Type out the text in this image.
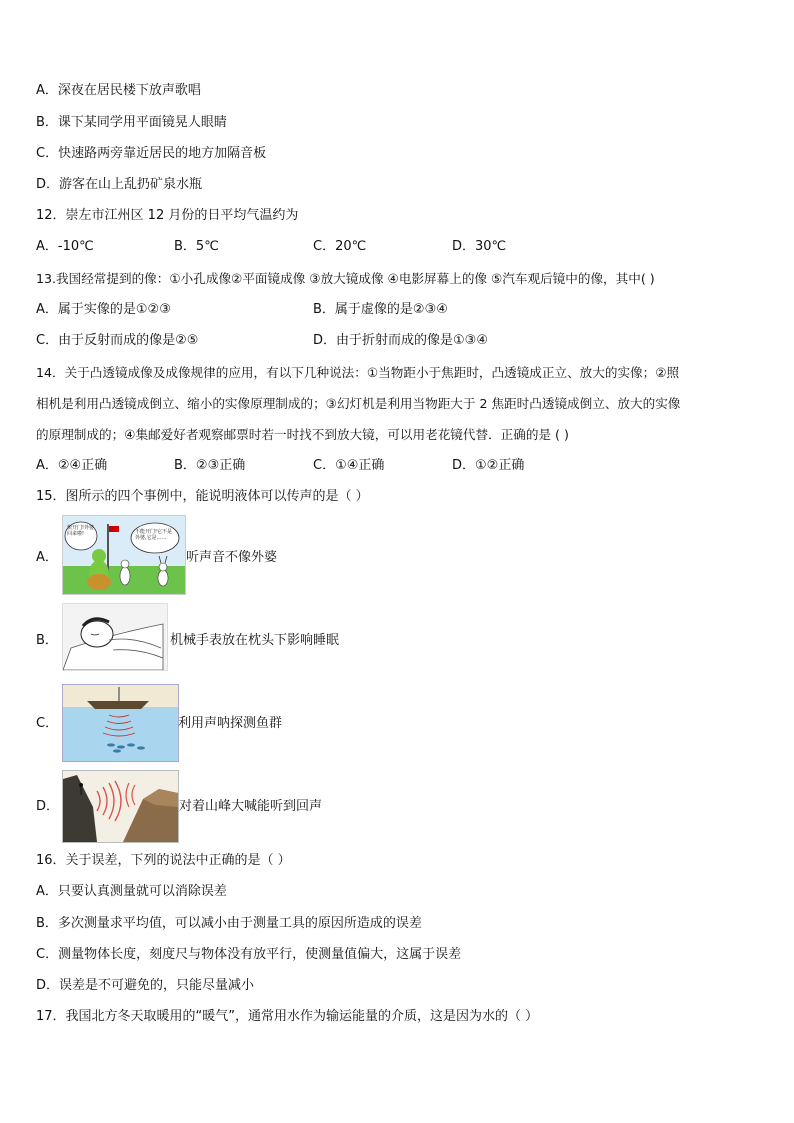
A．深夜在居民楼下放声歌唱
B．课下某同学用平面镜晃人眼睛
C．快速路两旁靠近居民的地方加隔音板
D．游客在山上乱扔矿泉水瓶
12．崇左市江州区 12 月份的日平均气温约为
A．-10℃	B．5℃	C．20℃	D．30℃
13.我国经常提到的像：①小孔成像②平面镜成像 ③放大镜成像 ④电影屏幕上的像 ⑤汽车观后镜中的像，其中( )
A．属于实像的是①②③	B．属于虚像的是②③④
C．由于反射而成的像是②⑤	D．由于折射而成的像是①③④
14．关于凸透镜成像及成像规律的应用，有以下几种说法：①当物距小于焦距时，凸透镜成正立、放大的实像；②照
相机是利用凸透镜成倒立、缩小的实像原理制成的；③幻灯机是利用当物距大于 2 焦距时凸透镜成倒立、放大的实像
的原理制成的；④集邮爱好者观察邮票时若一时找不到放大镜，可以用老花镜代替．正确的是 ( )
A．②④正确	B．②③正确	C．①④正确	D．①②正确
15．图所示的四个事例中，能说明液体可以传声的是（ ）
A．
快开门!外婆回来啦!	不能开门!它不是外婆,它是……
听声音不像外婆
B．	机械手表放在枕头下影响睡眠
C．	利用声呐探测鱼群
D．	对着山峰大喊能听到回声
16．关于误差，下列的说法中正确的是（ ）
A．只要认真测量就可以消除误差
B．多次测量求平均值，可以减小由于测量工具的原因所造成的误差
C．测量物体长度，刻度尺与物体没有放平行，使测量值偏大，这属于误差
D．误差是不可避免的，只能尽量减小
17．我国北方冬天取暖用的“暖气”，通常用水作为输运能量的介质，这是因为水的（ ）
